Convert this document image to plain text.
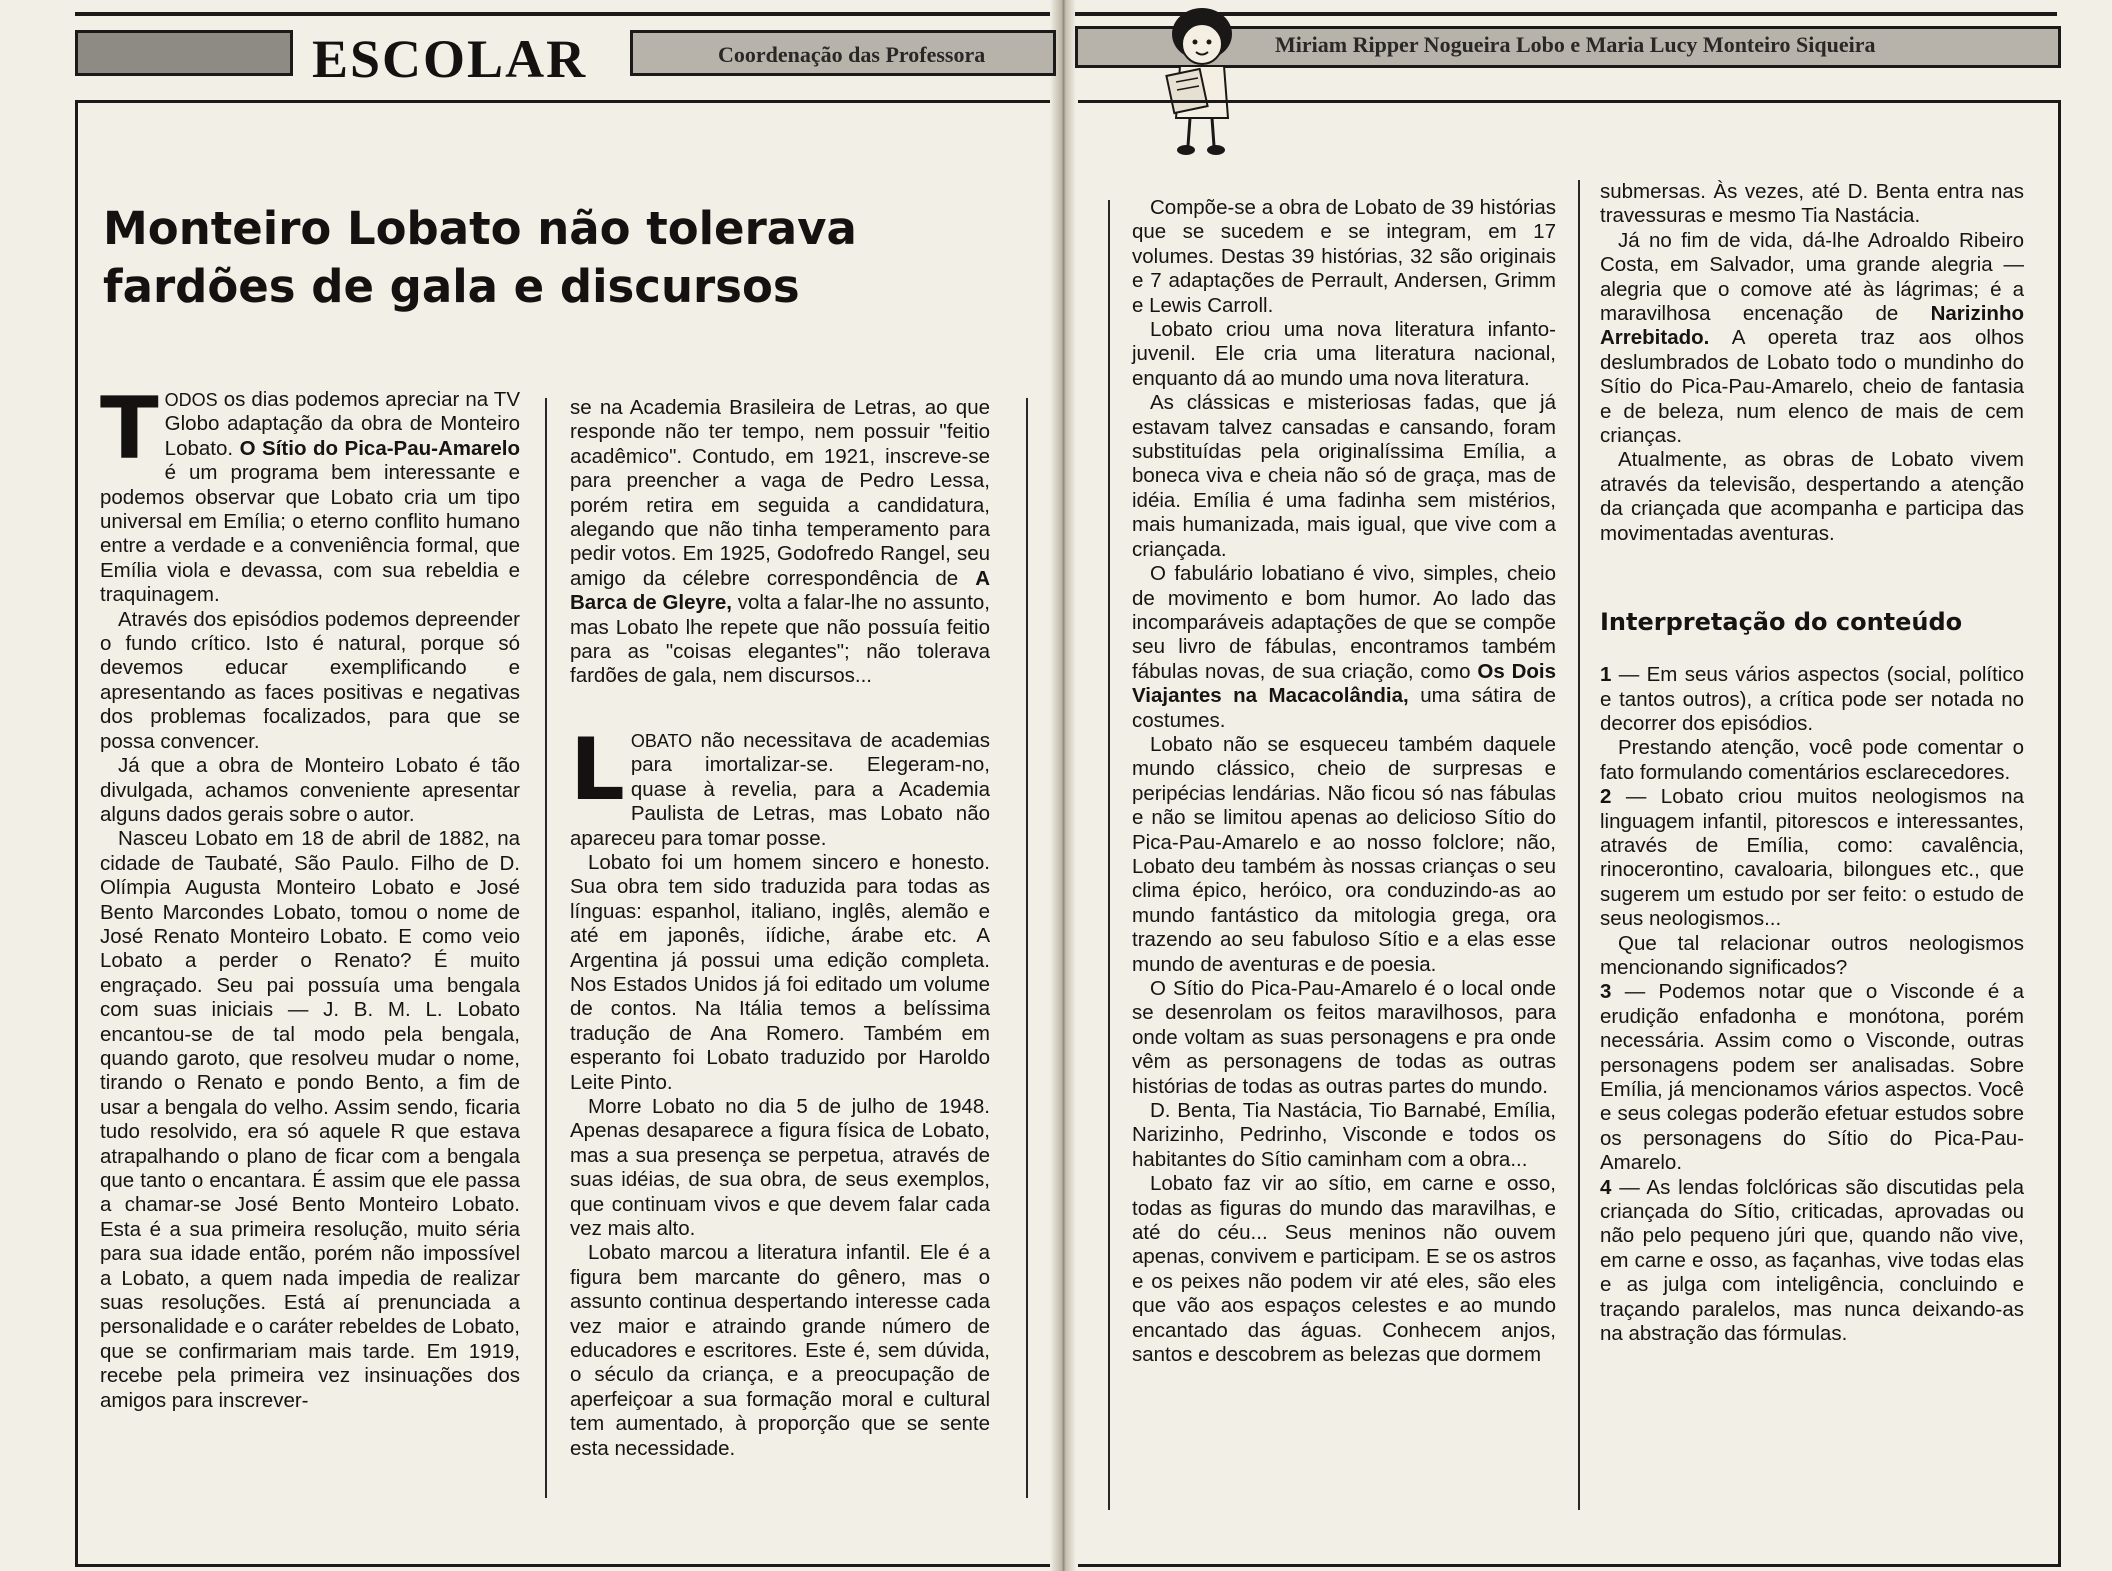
ESCOLAR	Coordenação das Professora	Miriam Ripper Nogueira Lobo e Maria Lucy Monteiro Siqueira
Monteiro Lobato não tolerava fardões de gala e discursos

TODOS os dias podemos apreciar na TV Globo adaptação da obra de Monteiro Lobato. O Sítio do Pica-Pau-Amarelo é um programa bem interessante e podemos observar que Lobato cria um tipo universal em Emília; o eterno conflito humano entre a verdade e a conveniência formal, que Emília viola e devassa, com sua rebeldia e traquinagem.

Através dos episódios podemos depreender o fundo crítico. Isto é natural, porque só devemos educar exemplificando e apresentando as faces positivas e negativas dos problemas focalizados, para que se possa convencer.

Já que a obra de Monteiro Lobato é tão divulgada, achamos conveniente apresentar alguns dados gerais sobre o autor.

Nasceu Lobato em 18 de abril de 1882, na cidade de Taubaté, São Paulo. Filho de D. Olímpia Augusta Monteiro Lobato e José Bento Marcondes Lobato, tomou o nome de José Renato Monteiro Lobato. E como veio Lobato a perder o Renato? É muito engraçado. Seu pai possuía uma bengala com suas iniciais — J. B. M. L. Lobato encantou-se de tal modo pela bengala, quando garoto, que resolveu mudar o nome, tirando o Renato e pondo Bento, a fim de usar a bengala do velho. Assim sendo, ficaria tudo resolvido, era só aquele R que estava atrapalhando o plano de ficar com a bengala que tanto o encantara. É assim que ele passa a chamar-se José Bento Monteiro Lobato. Esta é a sua primeira resolução, muito séria para sua idade então, porém não impossível a Lobato, a quem nada impedia de realizar suas resoluções. Está aí prenunciada a personalidade e o caráter rebeldes de Lobato, que se confirmariam mais tarde. Em 1919, recebe pela primeira vez insinuações dos amigos para inscrever-

se na Academia Brasileira de Letras, ao que responde não ter tempo, nem possuir "feitio acadêmico". Contudo, em 1921, inscreve-se para preencher a vaga de Pedro Lessa, porém retira em seguida a candidatura, alegando que não tinha temperamento para pedir votos. Em 1925, Godofredo Rangel, seu amigo da célebre correspondência de A Barca de Gleyre, volta a falar-lhe no assunto, mas Lobato lhe repete que não possuía feitio para as "coisas elegantes"; não tolerava fardões de gala, nem discursos...

LOBATO não necessitava de academias para imortalizar-se. Elegeram-no, quase à revelia, para a Academia Paulista de Letras, mas Lobato não apareceu para tomar posse.

Lobato foi um homem sincero e honesto. Sua obra tem sido traduzida para todas as línguas: espanhol, italiano, inglês, alemão e até em japonês, iídiche, árabe etc. A Argentina já possui uma edição completa. Nos Estados Unidos já foi editado um volume de contos. Na Itália temos a belíssima tradução de Ana Romero. Também em esperanto foi Lobato traduzido por Haroldo Leite Pinto.

Morre Lobato no dia 5 de julho de 1948. Apenas desaparece a figura física de Lobato, mas a sua presença se perpetua, através de suas idéias, de sua obra, de seus exemplos, que continuam vivos e que devem falar cada vez mais alto.

Lobato marcou a literatura infantil. Ele é a figura bem marcante do gênero, mas o assunto continua despertando interesse cada vez maior e atraindo grande número de educadores e escritores. Este é, sem dúvida, o século da criança, e a preocupação de aperfeiçoar a sua formação moral e cultural tem aumentado, à proporção que se sente esta necessidade.

Compõe-se a obra de Lobato de 39 histórias que se sucedem e se integram, em 17 volumes. Destas 39 histórias, 32 são originais e 7 adaptações de Perrault, Andersen, Grimm e Lewis Carroll.

Lobato criou uma nova literatura infanto-juvenil. Ele cria uma literatura nacional, enquanto dá ao mundo uma nova literatura.

As clássicas e misteriosas fadas, que já estavam talvez cansadas e cansando, foram substituídas pela originalíssima Emília, a boneca viva e cheia não só de graça, mas de idéia. Emília é uma fadinha sem mistérios, mais humanizada, mais igual, que vive com a criançada.

O fabulário lobatiano é vivo, simples, cheio de movimento e bom humor. Ao lado das incomparáveis adaptações de que se compõe seu livro de fábulas, encontramos também fábulas novas, de sua criação, como Os Dois Viajantes na Macacolândia, uma sátira de costumes.

Lobato não se esqueceu também daquele mundo clássico, cheio de surpresas e peripécias lendárias. Não ficou só nas fábulas e não se limitou apenas ao delicioso Sítio do Pica-Pau-Amarelo e ao nosso folclore; não, Lobato deu também às nossas crianças o seu clima épico, heróico, ora conduzindo-as ao mundo fantástico da mitologia grega, ora trazendo ao seu fabuloso Sítio e a elas esse mundo de aventuras e de poesia.

O Sítio do Pica-Pau-Amarelo é o local onde se desenrolam os feitos maravilhosos, para onde voltam as suas personagens e pra onde vêm as personagens de todas as outras histórias de todas as outras partes do mundo.

D. Benta, Tia Nastácia, Tio Barnabé, Emília, Narizinho, Pedrinho, Visconde e todos os habitantes do Sítio caminham com a obra...

Lobato faz vir ao sítio, em carne e osso, todas as figuras do mundo das maravilhas, e até do céu... Seus meninos não ouvem apenas, convivem e participam. E se os astros e os peixes não podem vir até eles, são eles que vão aos espaços celestes e ao mundo encantado das águas. Conhecem anjos, santos e descobrem as belezas que dormem

submersas. Às vezes, até D. Benta entra nas travessuras e mesmo Tia Nastácia.

Já no fim de vida, dá-lhe Adroaldo Ribeiro Costa, em Salvador, uma grande alegria — alegria que o comove até às lágrimas; é a maravilhosa encenação de Narizinho Arrebitado. A opereta traz aos olhos deslumbrados de Lobato todo o mundinho do Sítio do Pica-Pau-Amarelo, cheio de fantasia e de beleza, num elenco de mais de cem crianças.

Atualmente, as obras de Lobato vivem através da televisão, despertando a atenção da criançada que acompanha e participa das movimentadas aventuras.

Interpretação do conteúdo

1 — Em seus vários aspectos (social, político e tantos outros), a crítica pode ser notada no decorrer dos episódios.

Prestando atenção, você pode comentar o fato formulando comentários esclarecedores.

2 — Lobato criou muitos neologismos na linguagem infantil, pitorescos e interessantes, através de Emília, como: cavalência, rinocerontino, cavaloaria, bilongues etc., que sugerem um estudo por ser feito: o estudo de seus neologismos...

Que tal relacionar outros neologismos mencionando significados?

3 — Podemos notar que o Visconde é a erudição enfadonha e monótona, porém necessária. Assim como o Visconde, outras personagens podem ser analisadas. Sobre Emília, já mencionamos vários aspectos. Você e seus colegas poderão efetuar estudos sobre os personagens do Sítio do Pica-Pau-Amarelo.

4 — As lendas folclóricas são discutidas pela criançada do Sítio, criticadas, aprovadas ou não pelo pequeno júri que, quando não vive, em carne e osso, as façanhas, vive todas elas e as julga com inteligência, concluindo e traçando paralelos, mas nunca deixando-as na abstração das fórmulas.
